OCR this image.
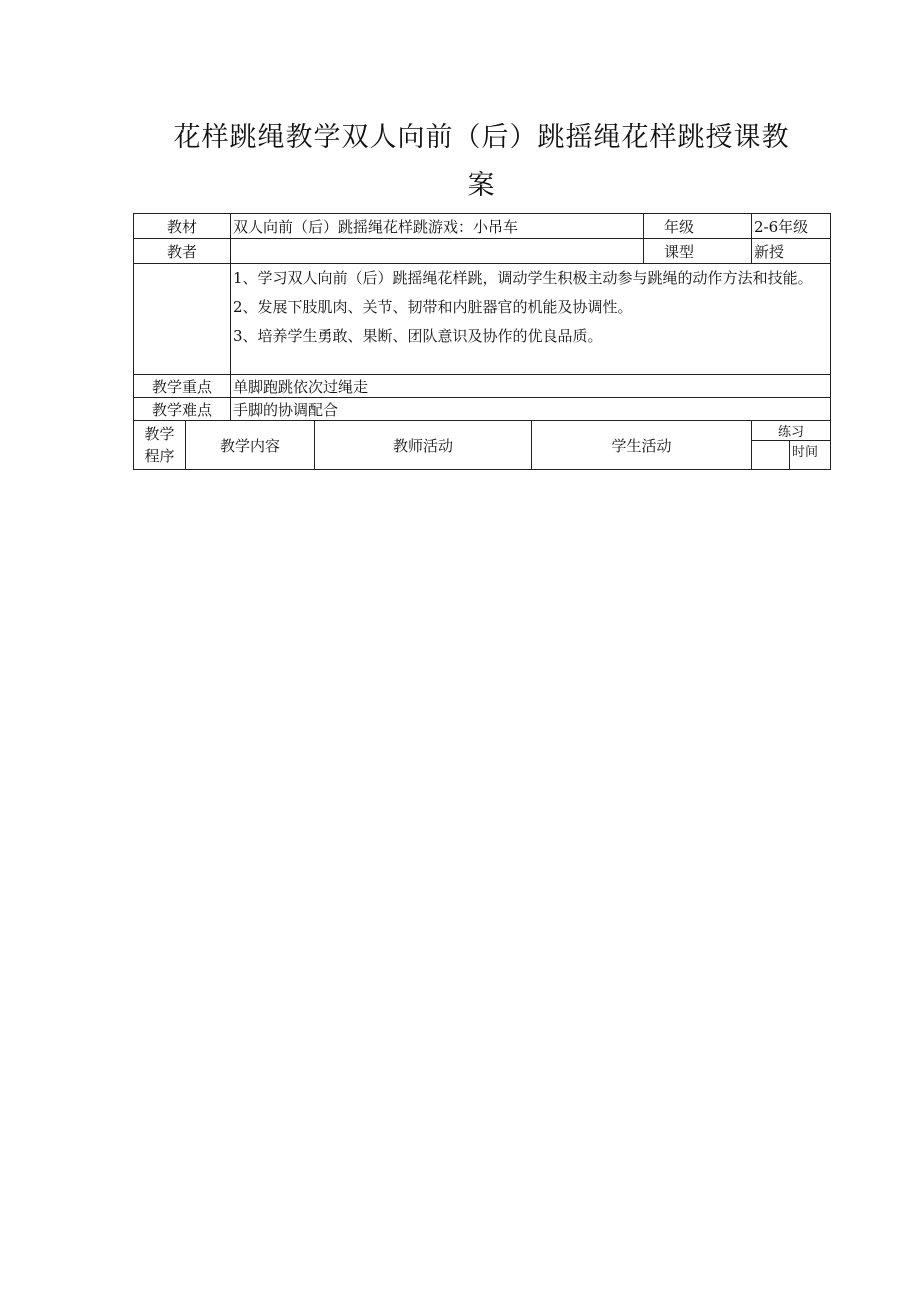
花样跳绳教学双人向前（后）跳摇绳花样跳授课教
案
教材		双人向前（后）跳摇绳花样跳游戏：小吊车			年级	2-6年级	
教者					课型	新授	

		1、学习双人向前（后）跳摇绳花样跳，调动学生积极主动参与跳绳的动作方法和技能。

2、发展下肢肌肉、关节、韧带和内脏器官的机能及协调性。

3、培养学生勇敢、果断、团队意识及协作的优良品质。					

教学重点		单脚跑跳依次过绳走					
教学难点		手脚的协调配合					

教学
程序	教学内容		教师活动	学生活动		练习	
							时间
